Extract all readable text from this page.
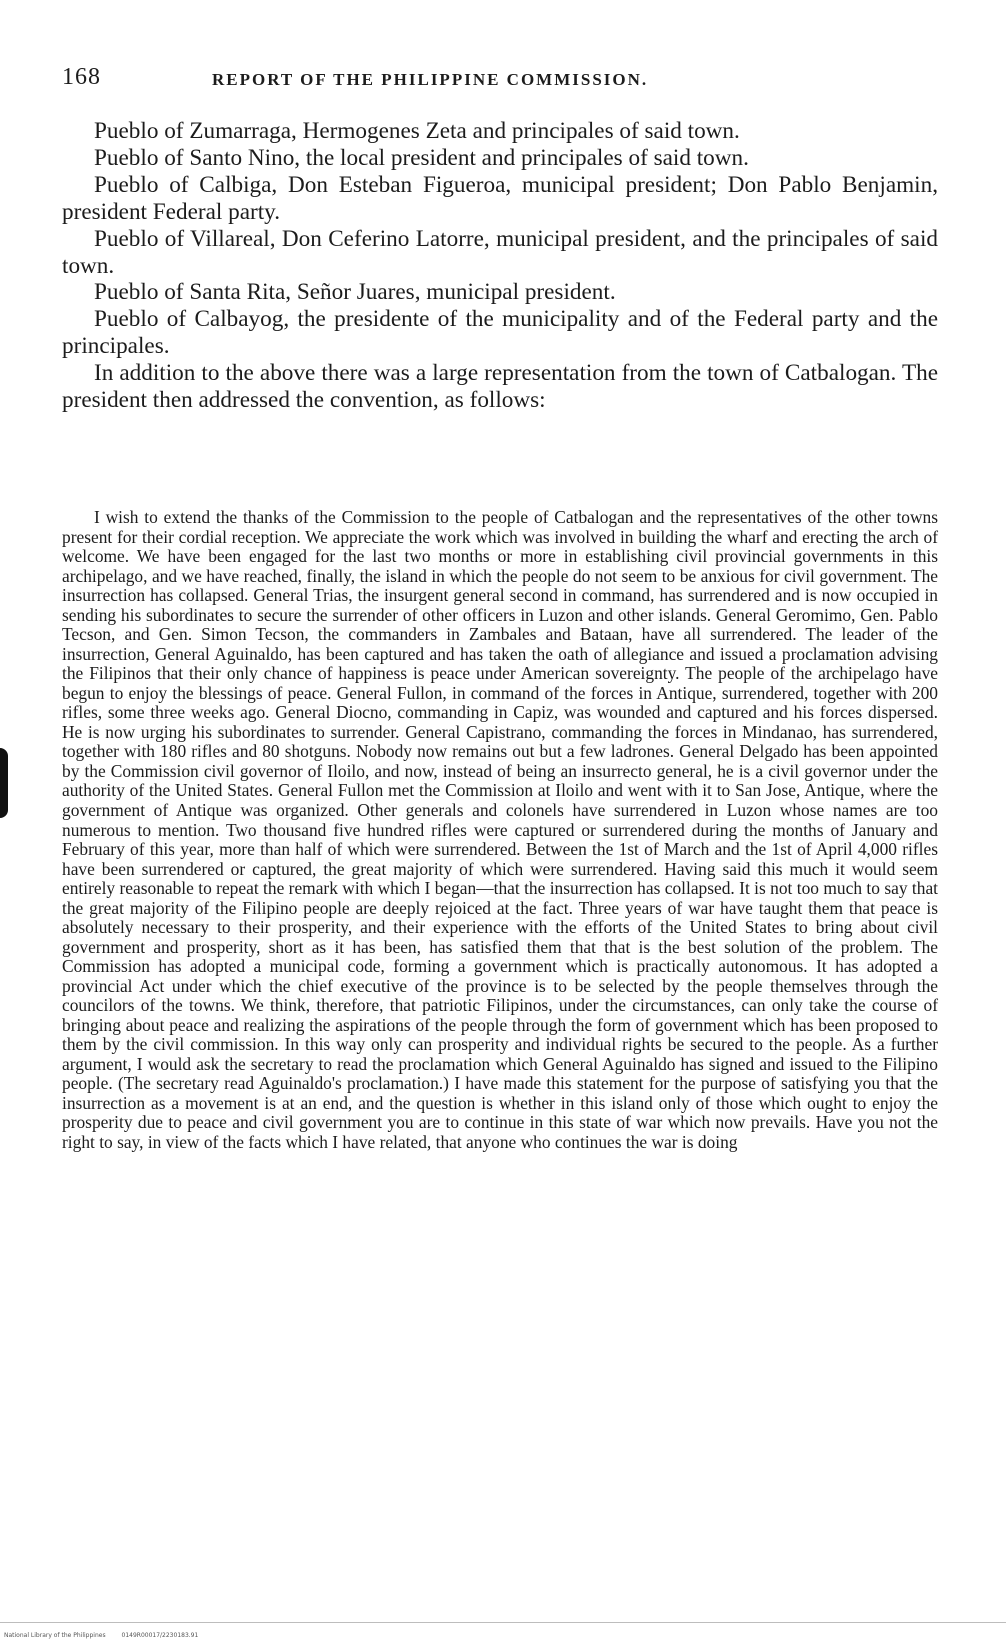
168	REPORT OF THE PHILIPPINE COMMISSION.

Pueblo of Zumarraga, Hermogenes Zeta and principales of said town.

Pueblo of Santo Nino, the local president and principales of said town.

Pueblo of Calbiga, Don Esteban Figueroa, municipal president; Don Pablo Benjamin, president Federal party.

Pueblo of Villareal, Don Ceferino Latorre, municipal president, and the principales of said town.

Pueblo of Santa Rita, Señor Juares, municipal president.

Pueblo of Calbayog, the presidente of the municipality and of the Federal party and the principales.

In addition to the above there was a large representation from the town of Catbalogan. The president then addressed the convention, as follows:

I wish to extend the thanks of the Commission to the people of Catbalogan and the representatives of the other towns present for their cordial reception. We appreciate the work which was involved in building the wharf and erecting the arch of welcome. We have been engaged for the last two months or more in establishing civil provincial governments in this archipelago, and we have reached, finally, the island in which the people do not seem to be anxious for civil government. The insurrection has collapsed. General Trias, the insurgent general second in command, has surrendered and is now occupied in sending his subordinates to secure the surrender of other officers in Luzon and other islands. General Geromimo, Gen. Pablo Tecson, and Gen. Simon Tecson, the commanders in Zambales and Bataan, have all surrendered. The leader of the insurrection, General Aguinaldo, has been captured and has taken the oath of allegiance and issued a proclamation advising the Filipinos that their only chance of happiness is peace under American sovereignty. The people of the archipelago have begun to enjoy the blessings of peace. General Fullon, in command of the forces in Antique, surrendered, together with 200 rifles, some three weeks ago. General Diocno, commanding in Capiz, was wounded and captured and his forces dispersed. He is now urging his subordinates to surrender. General Capistrano, commanding the forces in Mindanao, has surrendered, together with 180 rifles and 80 shotguns. Nobody now remains out but a few ladrones. General Delgado has been appointed by the Commission civil governor of Iloilo, and now, instead of being an insurrecto general, he is a civil governor under the authority of the United States. General Fullon met the Commission at Iloilo and went with it to San Jose, Antique, where the government of Antique was organized. Other generals and colonels have surrendered in Luzon whose names are too numerous to mention. Two thousand five hundred rifles were captured or surrendered during the months of January and February of this year, more than half of which were surrendered. Between the 1st of March and the 1st of April 4,000 rifles have been surrendered or captured, the great majority of which were surrendered. Having said this much it would seem entirely reasonable to repeat the remark with which I began—that the insurrection has collapsed. It is not too much to say that the great majority of the Filipino people are deeply rejoiced at the fact. Three years of war have taught them that peace is absolutely necessary to their prosperity, and their experience with the efforts of the United States to bring about civil government and prosperity, short as it has been, has satisfied them that that is the best solution of the problem. The Commission has adopted a municipal code, forming a government which is practically autonomous. It has adopted a provincial Act under which the chief executive of the province is to be selected by the people themselves through the councilors of the towns. We think, therefore, that patriotic Filipinos, under the circumstances, can only take the course of bringing about peace and realizing the aspirations of the people through the form of government which has been proposed to them by the civil commission. In this way only can prosperity and individual rights be secured to the people. As a further argument, I would ask the secretary to read the proclamation which General Aguinaldo has signed and issued to the Filipino people. (The secretary read Aguinaldo's proclamation.) I have made this statement for the purpose of satisfying you that the insurrection as a movement is at an end, and the question is whether in this island only of those which ought to enjoy the prosperity due to peace and civil government you are to continue in this state of war which now prevails. Have you not the right to say, in view of the facts which I have related, that anyone who continues the war is doing

National Library of the Philippines	0149R00017/2230183.91
